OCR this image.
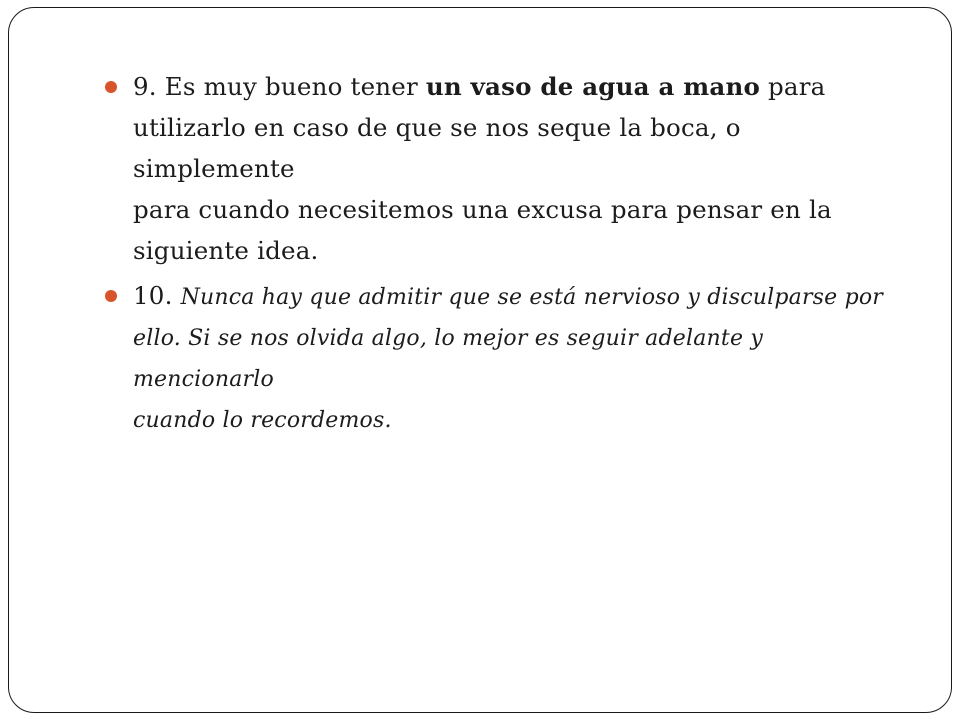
9. Es muy bueno tener un vaso de agua a mano para
utilizarlo en caso de que se nos seque la boca, o simplemente
para cuando necesitemos una excusa para pensar en la
siguiente idea.
10. Nunca hay que admitir que se está nervioso y disculparse por
ello. Si se nos olvida algo, lo mejor es seguir adelante y mencionarlo
cuando lo recordemos.
